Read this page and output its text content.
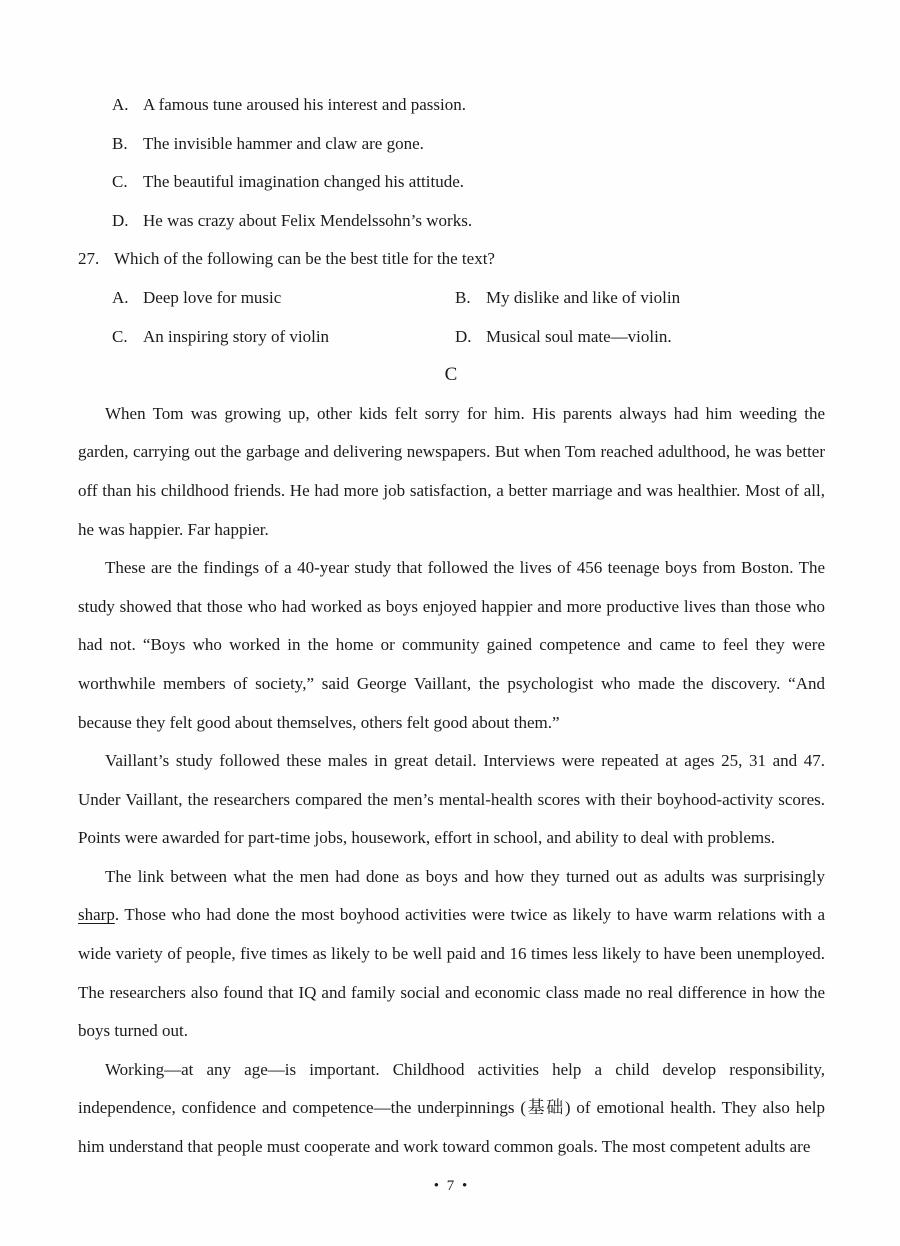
A. A famous tune aroused his interest and passion.
B. The invisible hammer and claw are gone.
C. The beautiful imagination changed his attitude.
D. He was crazy about Felix Mendelssohn’s works.
27. Which of the following can be the best title for the text?
A. Deep love for music	B. My dislike and like of violin
C. An inspiring story of violin	D. Musical soul mate—violin.
C

When Tom was growing up, other kids felt sorry for him. His parents always had him weeding the garden, carrying out the garbage and delivering newspapers. But when Tom reached adulthood, he was better off than his childhood friends. He had more job satisfaction, a better marriage and was healthier. Most of all, he was happier. Far happier.

These are the findings of a 40-year study that followed the lives of 456 teenage boys from Boston. The study showed that those who had worked as boys enjoyed happier and more productive lives than those who had not. “Boys who worked in the home or community gained competence and came to feel they were worthwhile members of society,” said George Vaillant, the psychologist who made the discovery. “And because they felt good about themselves, others felt good about them.”

Vaillant’s study followed these males in great detail. Interviews were repeated at ages 25, 31 and 47. Under Vaillant, the researchers compared the men’s mental-health scores with their boyhood-activity scores. Points were awarded for part-time jobs, housework, effort in school, and ability to deal with problems.

The link between what the men had done as boys and how they turned out as adults was surprisingly sharp. Those who had done the most boyhood activities were twice as likely to have warm relations with a wide variety of people, five times as likely to be well paid and 16 times less likely to have been unemployed. The researchers also found that IQ and family social and economic class made no real difference in how the boys turned out.

Working—at any age—is important. Childhood activities help a child develop responsibility, independence, confidence and competence—the underpinnings (基础) of emotional health. They also help him understand that people must cooperate and work toward common goals. The most competent adults are

• 7 •
